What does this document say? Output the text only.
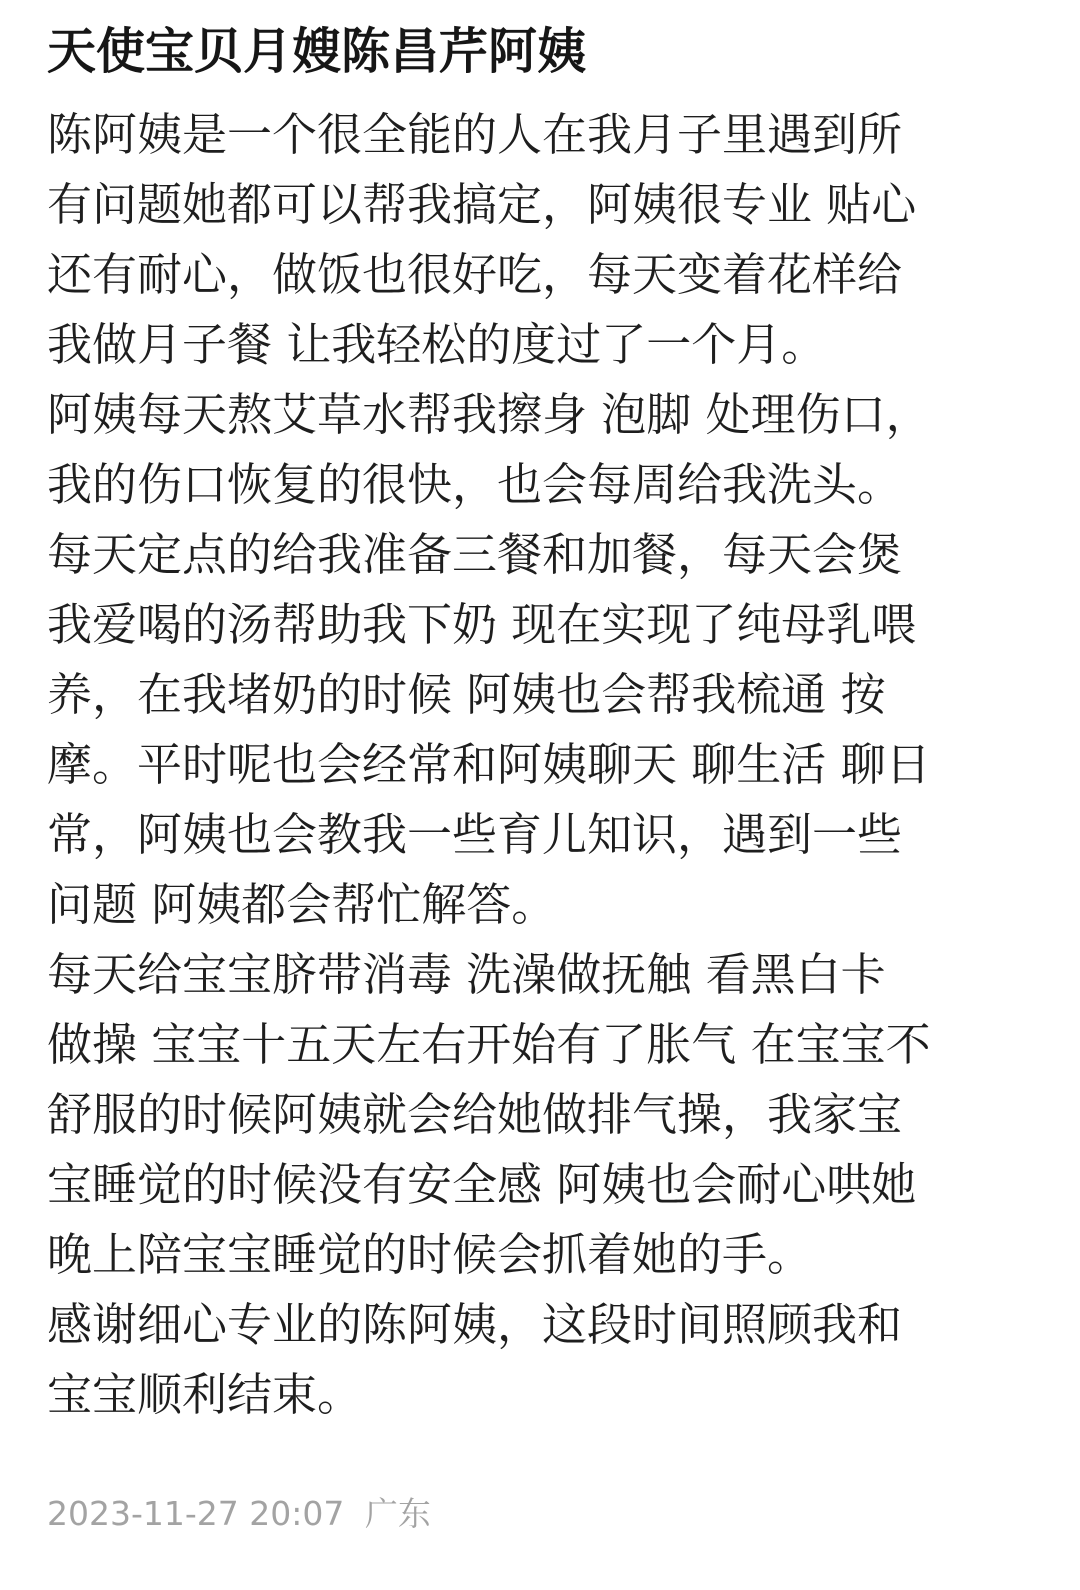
天使宝贝月嫂陈昌芹阿姨
陈阿姨是一个很全能的人在我月子里遇到所
有问题她都可以帮我搞定，阿姨很专业 贴心
还有耐心，做饭也很好吃，每天变着花样给
我做月子餐 让我轻松的度过了一个月。
阿姨每天熬艾草水帮我擦身 泡脚 处理伤口，
我的伤口恢复的很快，也会每周给我洗头。
每天定点的给我准备三餐和加餐，每天会煲
我爱喝的汤帮助我下奶 现在实现了纯母乳喂
养，在我堵奶的时候 阿姨也会帮我梳通 按
摩。平时呢也会经常和阿姨聊天 聊生活 聊日
常，阿姨也会教我一些育儿知识，遇到一些
问题 阿姨都会帮忙解答。
每天给宝宝脐带消毒 洗澡做抚触 看黑白卡
做操 宝宝十五天左右开始有了胀气 在宝宝不
舒服的时候阿姨就会给她做排气操，我家宝
宝睡觉的时候没有安全感 阿姨也会耐心哄她
晚上陪宝宝睡觉的时候会抓着她的手。
感谢细心专业的陈阿姨，这段时间照顾我和
宝宝顺利结束。
2023-11-27 20:07 广东
